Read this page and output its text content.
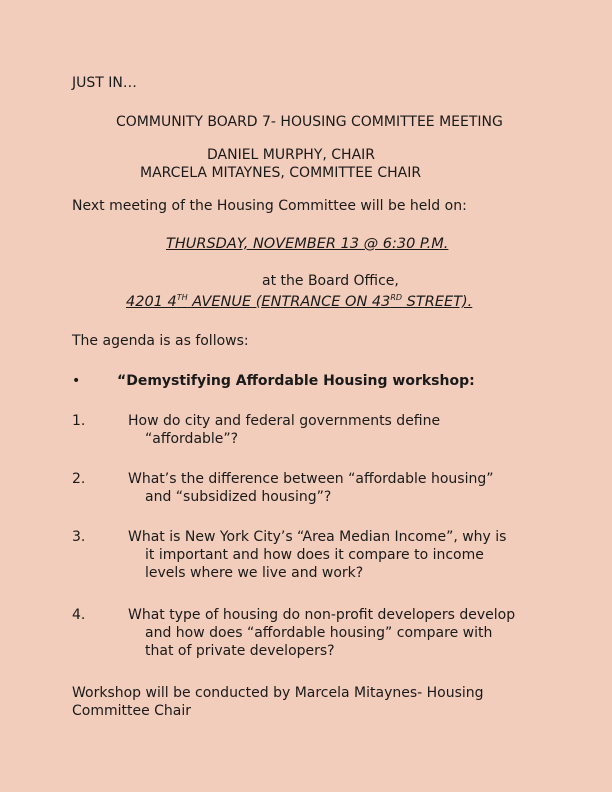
JUST IN…
COMMUNITY BOARD 7- HOUSING COMMITTEE MEETING
DANIEL MURPHY, CHAIR
MARCELA MITAYNES, COMMITTEE CHAIR
Next meeting of the Housing Committee will be held on:
THURSDAY, NOVEMBER 13 @ 6:30 P.M.
at the Board Office,
4201 4TH AVENUE (ENTRANCE ON 43RD STREET).
The agenda is as follows:
•	“Demystifying Affordable Housing workshop:
1.	How do city and federal governments define
“affordable”?
2.	What’s the difference between “affordable housing”
and “subsidized housing”?
3.	What is New York City’s “Area Median Income”, why is
it important and how does it compare to income
levels where we live and work?
4.	What type of housing do non-profit developers develop
and how does “affordable housing” compare with
that of private developers?
Workshop will be conducted by Marcela Mitaynes- Housing
Committee Chair
